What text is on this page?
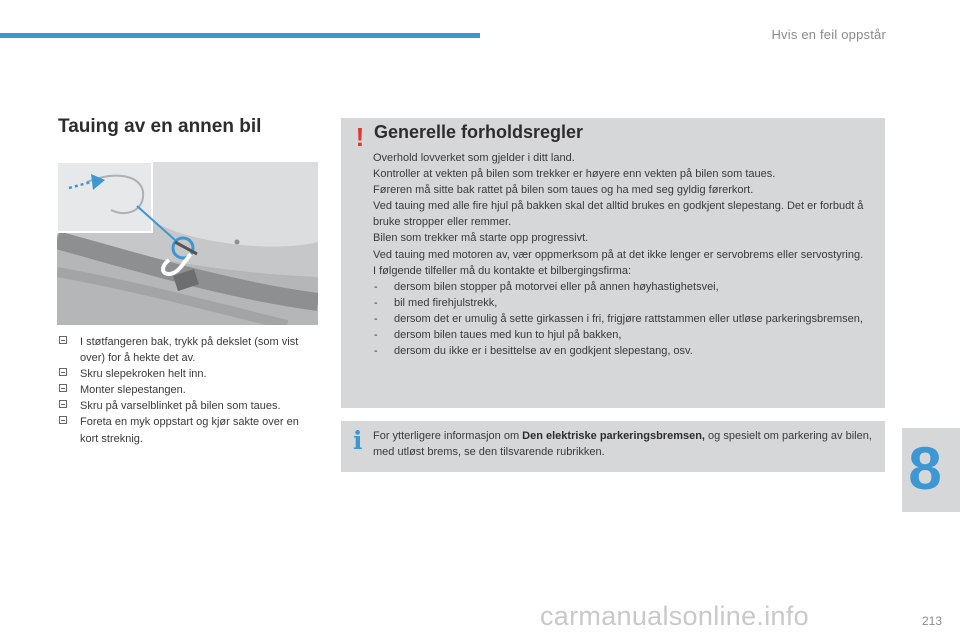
Hvis en feil oppstår
Tauing av en annen bil
I støtfangeren bak, trykk på dekslet (som vist over) for å hekte det av.
Skru slepekroken helt inn.
Monter slepestangen.
Skru på varselblinket på bilen som taues.
Foreta en myk oppstart og kjør sakte over en kort streknig.
! Generelle forholdsregler

Overhold lovverket som gjelder i ditt land.

Kontroller at vekten på bilen som trekker er høyere enn vekten på bilen som taues.

Føreren må sitte bak rattet på bilen som taues og ha med seg gyldig førerkort.

Ved tauing med alle fire hjul på bakken skal det alltid brukes en godkjent slepestang. Det er forbudt å bruke stropper eller remmer.

Bilen som trekker må starte opp progressivt.

Ved tauing med motoren av, vær oppmerksom på at det ikke lenger er servobrems eller servostyring.

I følgende tilfeller må du kontakte et bilbergingsfirma:

- dersom bilen stopper på motorvei eller på annen høyhastighetsvei,
- bil med firehjulstrekk,
- dersom det er umulig å sette girkassen i fri, frigjøre rattstammen eller utløse parkeringsbremsen,
- dersom bilen taues med kun to hjul på bakken,
- dersom du ikke er i besittelse av en godkjent slepestang, osv.
i For ytterligere informasjon om Den elektriske parkeringsbremsen, og spesielt om parkering av bilen, med utløst brems, se den tilsvarende rubrikken.	8
carmanualsonline.info	213
